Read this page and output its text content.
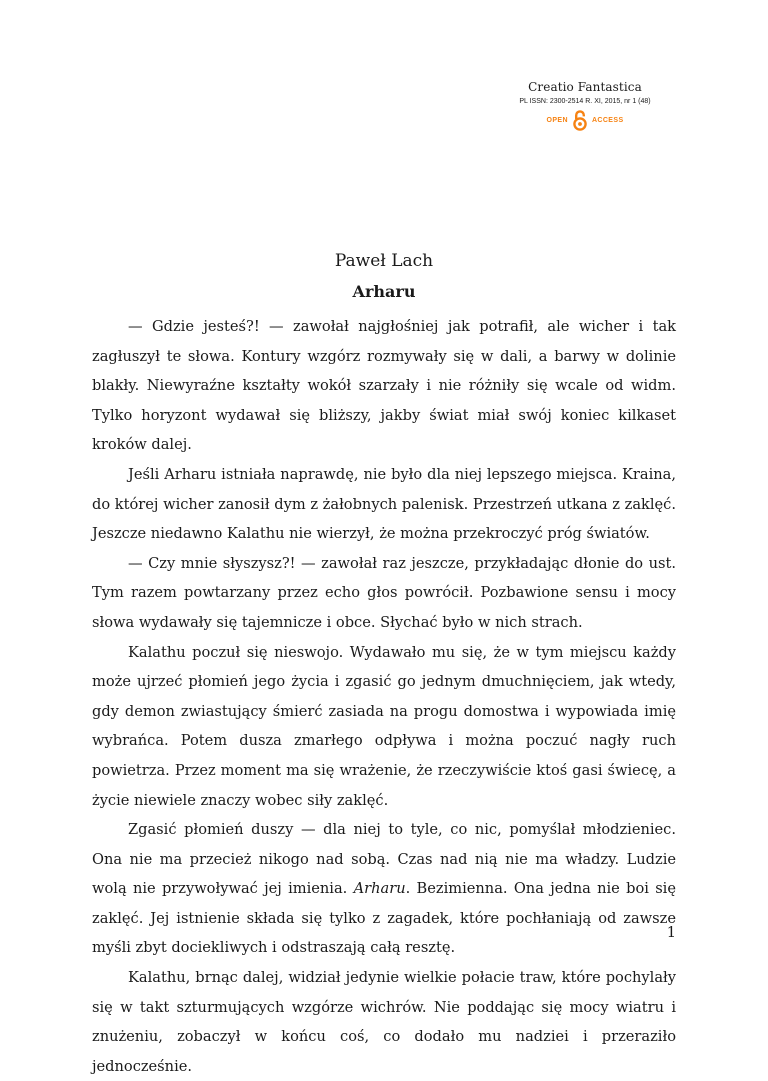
Creatio Fantastica
PL ISSN: 2300-2514 R. XI, 2015, nr 1 (48)
OPEN	ACCESS

Paweł Lach

Arharu

— Gdzie jesteś?! — zawołał najgłośniej jak potrafił, ale wicher i tak zagłuszył te słowa. Kontury wzgórz rozmywały się w dali, a barwy w dolinie blakły. Niewyraźne kształty wokół szarzały i nie różniły się wcale od widm. Tylko horyzont wydawał się bliższy, jakby świat miał swój koniec kilkaset kroków dalej.

Jeśli Arharu istniała naprawdę, nie było dla niej lepszego miejsca. Kraina, do której wicher zanosił dym z żałobnych palenisk. Przestrzeń utkana z zaklęć. Jeszcze niedawno Kalathu nie wierzył, że można przekroczyć próg światów.

— Czy mnie słyszysz?! — zawołał raz jeszcze, przykładając dłonie do ust. Tym razem powtarzany przez echo głos powrócił. Pozbawione sensu i mocy słowa wydawały się tajemnicze i obce. Słychać było w nich strach.

Kalathu poczuł się nieswojo. Wydawało mu się, że w tym miejscu każdy może ujrzeć płomień jego życia i zgasić go jednym dmuchnięciem, jak wtedy, gdy demon zwiastujący śmierć zasiada na progu domostwa i wypowiada imię wybrańca. Potem dusza zmarłego odpływa i można poczuć nagły ruch powietrza. Przez moment ma się wrażenie, że rzeczywiście ktoś gasi świecę, a życie niewiele znaczy wobec siły zaklęć.

Zgasić płomień duszy — dla niej to tyle, co nic, pomyślał młodzieniec. Ona nie ma przecież nikogo nad sobą. Czas nad nią nie ma władzy. Ludzie wolą nie przywoływać jej imienia. Arharu. Bezimienna. Ona jedna nie boi się zaklęć. Jej istnienie składa się tylko z zagadek, które pochłaniają od zawsze myśli zbyt dociekliwych i odstraszają całą resztę.

Kalathu, brnąc dalej, widział jedynie wielkie połacie traw, które pochylały się w takt szturmujących wzgórze wichrów. Nie poddając się mocy wiatru i znużeniu, zobaczył w końcu coś, co dodało mu nadziei i przeraziło jednocześnie.

1
